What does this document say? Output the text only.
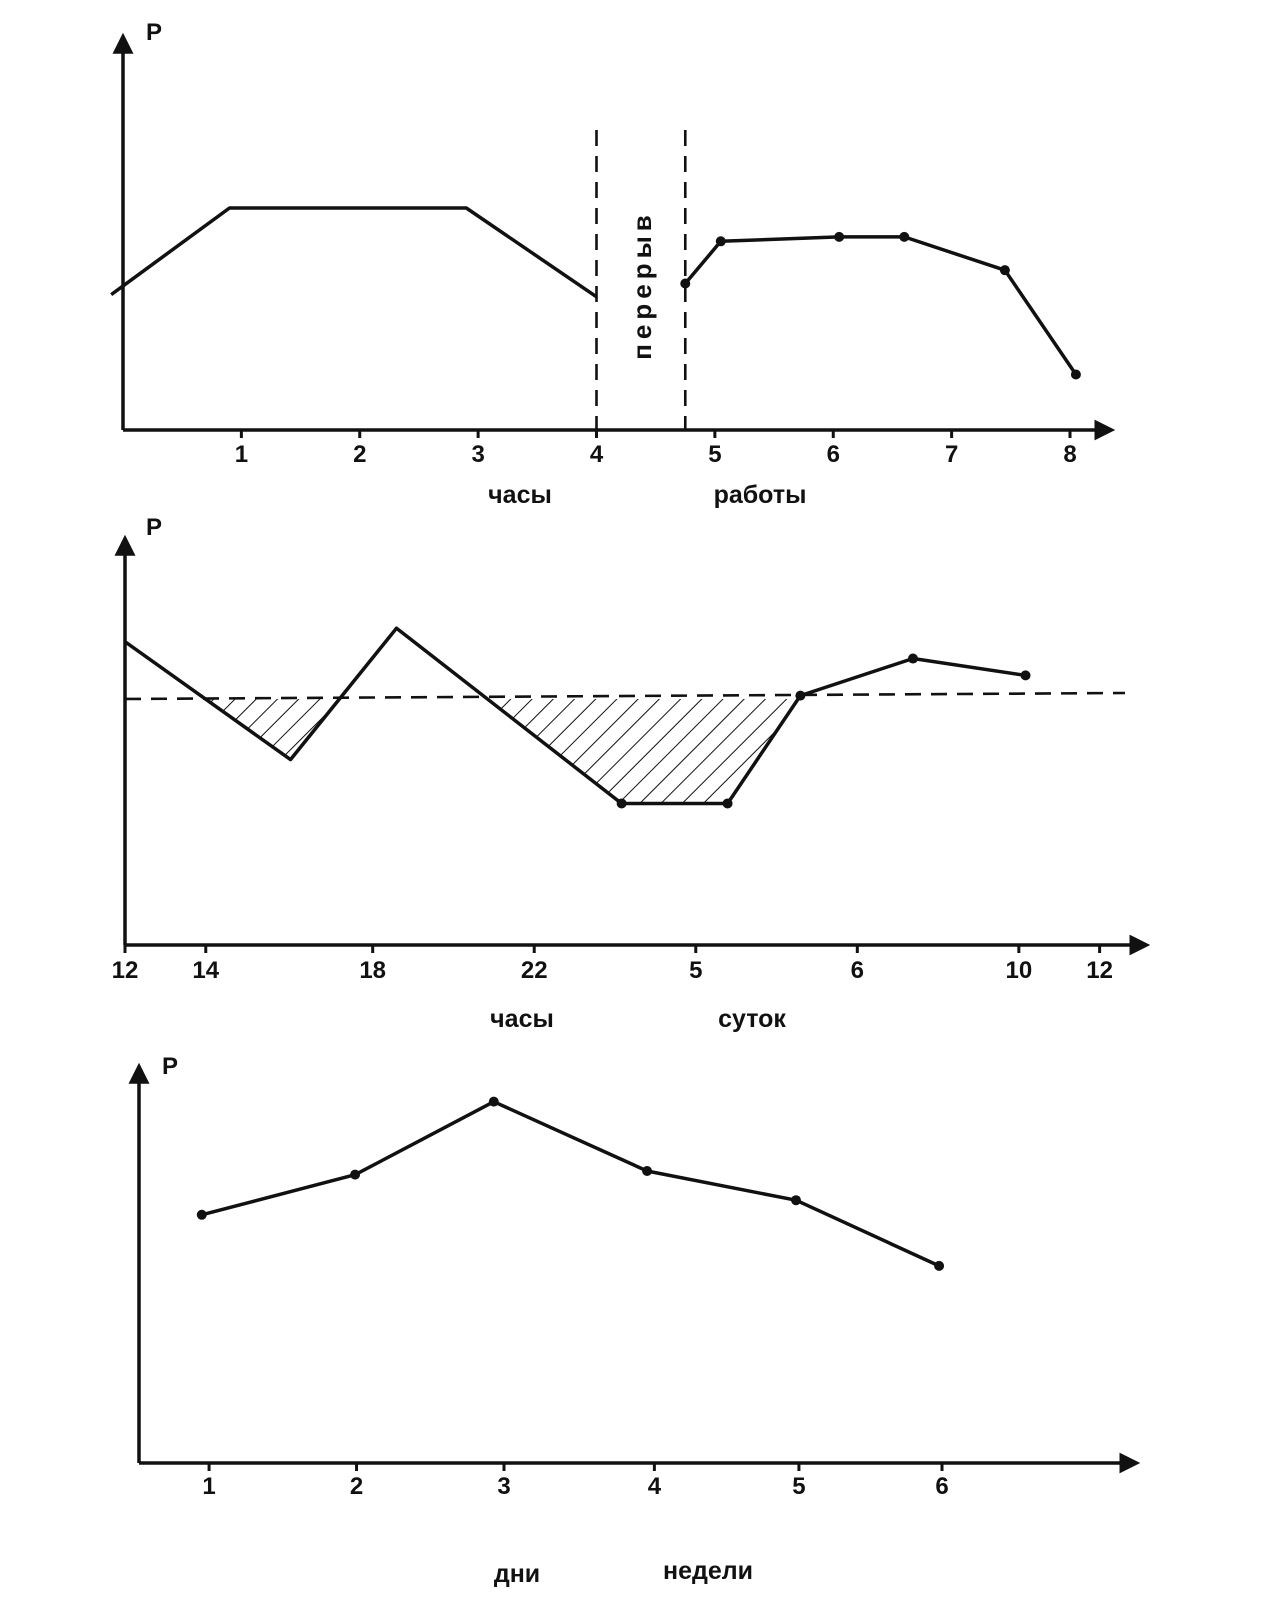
P
перерыв
1	2	3	4	5	6	7	8
часы	работы
P
12 14	18	22	5	6	10 12
часы	суток
P
1	2	3	4	5	6
дни	недели
